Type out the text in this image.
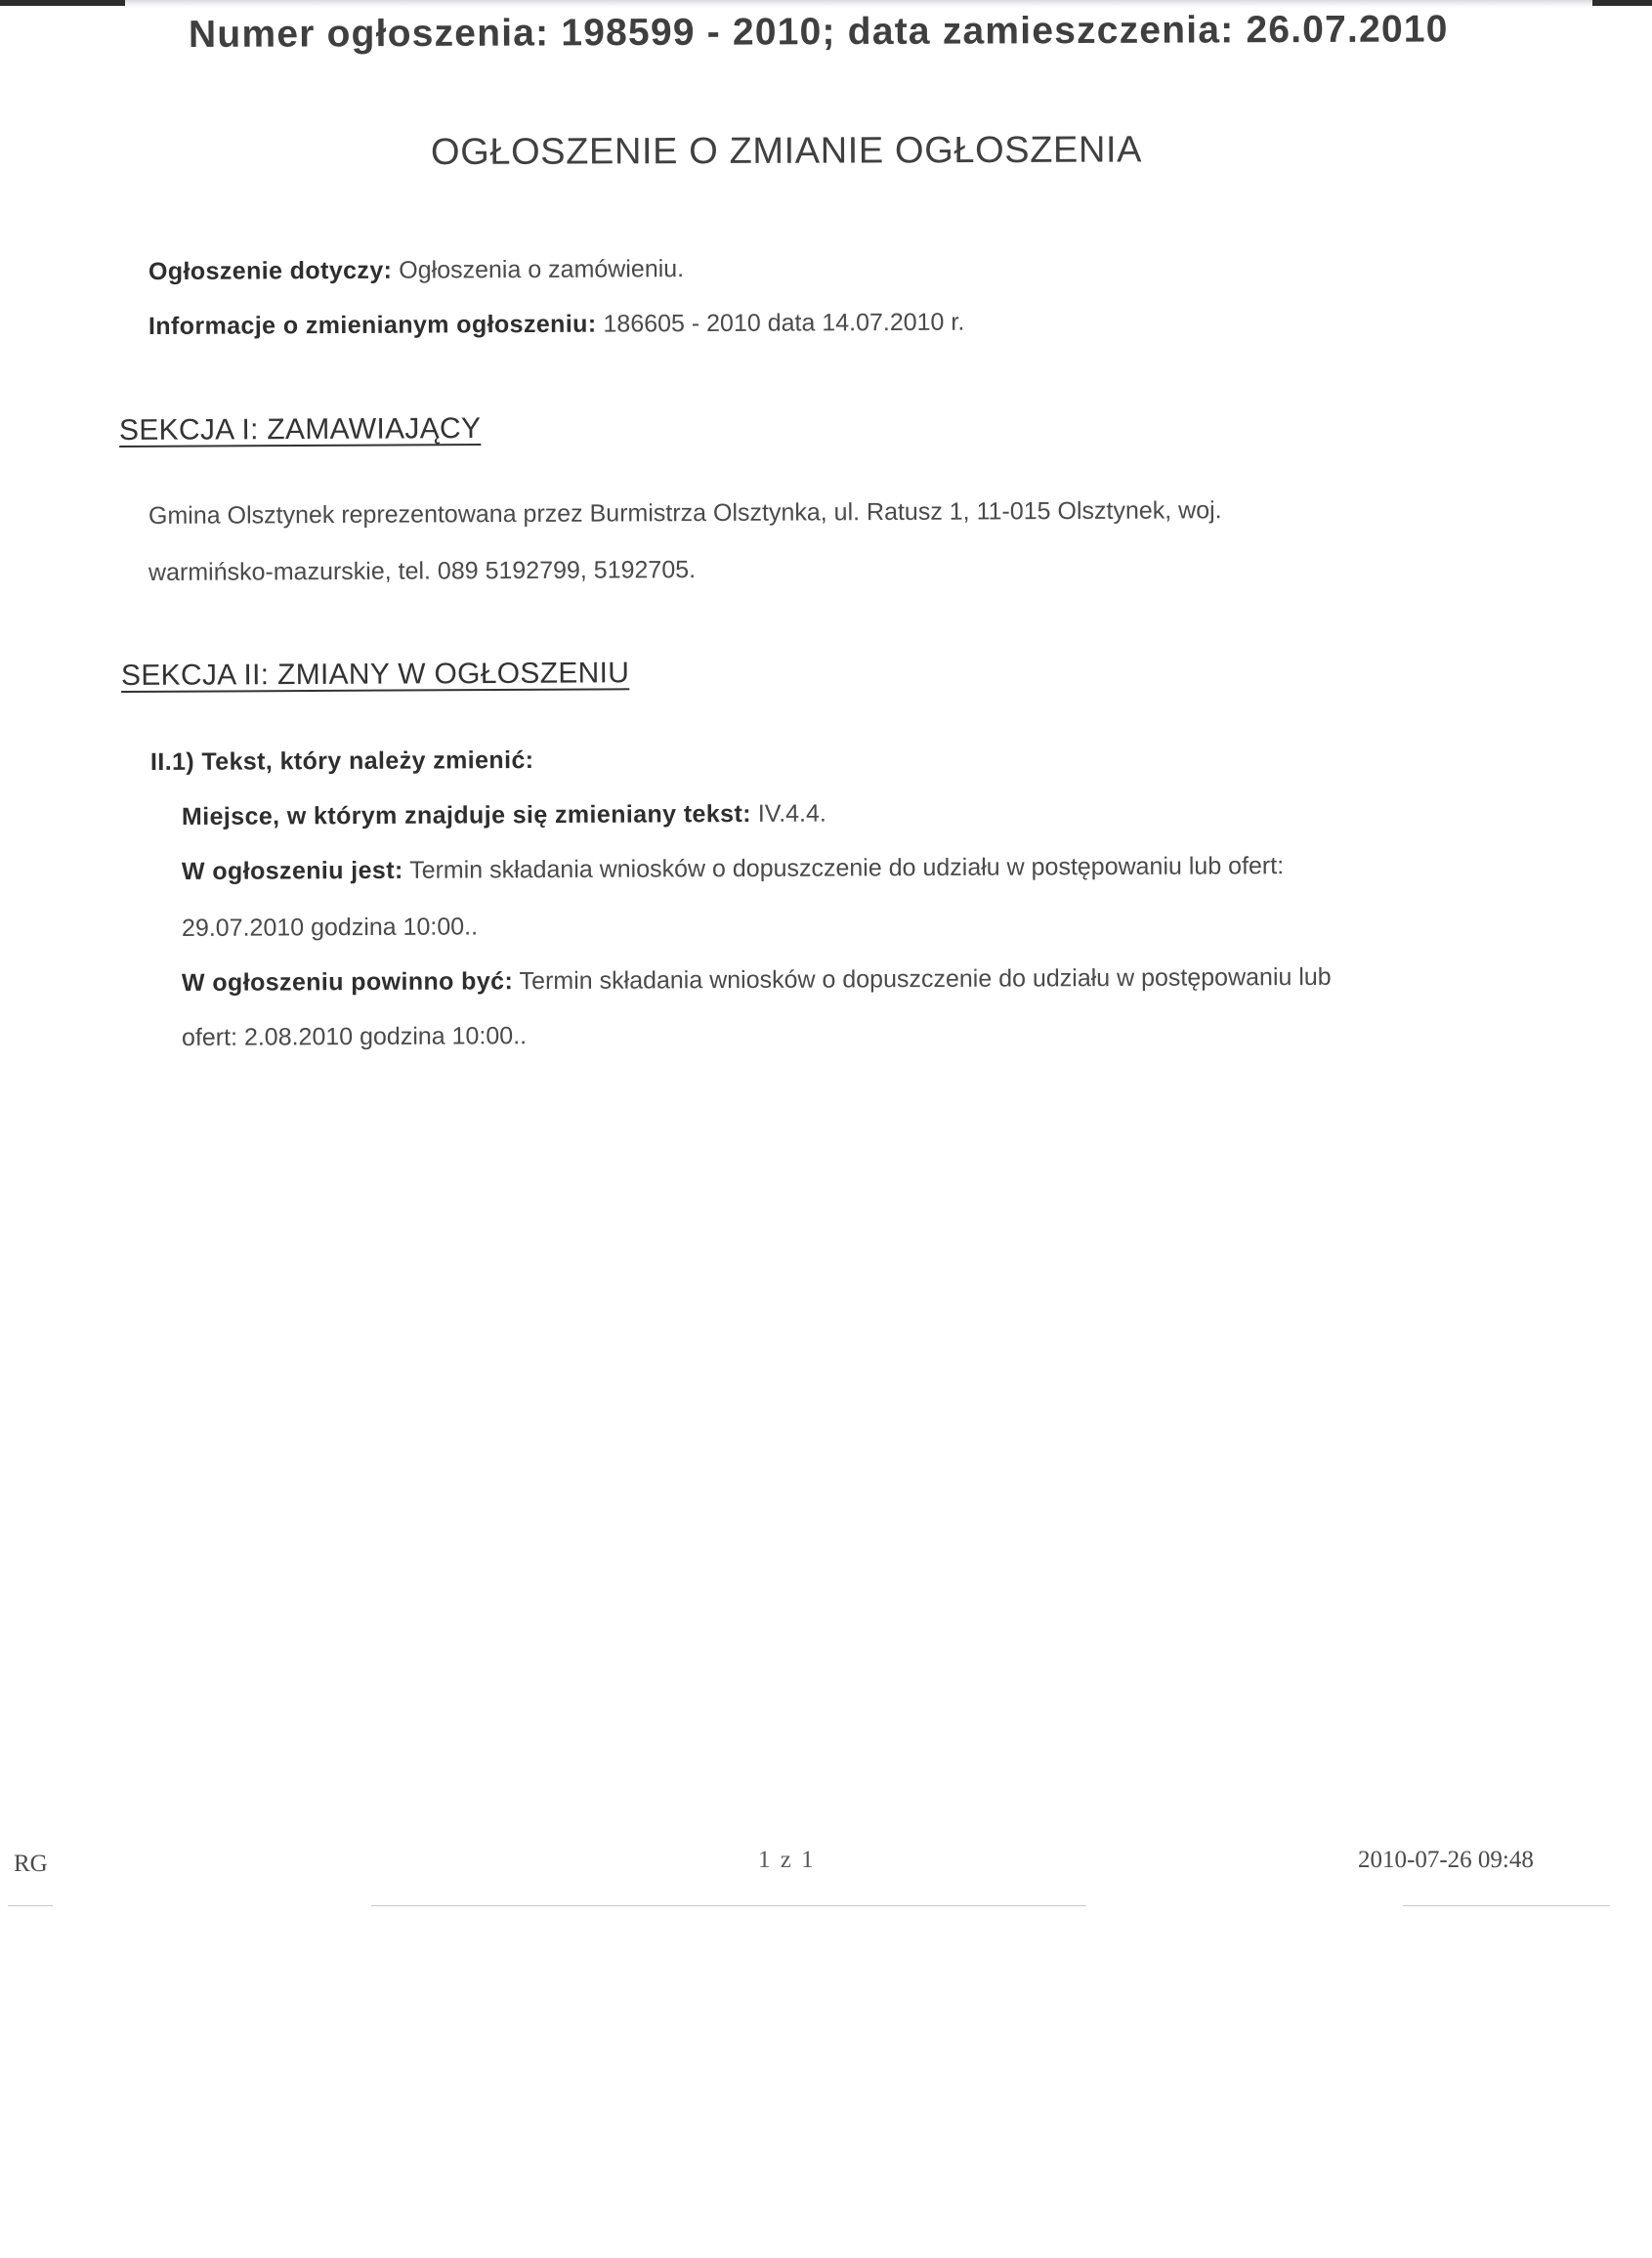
Numer ogłoszenia: 198599 - 2010; data zamieszczenia: 26.07.2010
OGŁOSZENIE O ZMIANIE OGŁOSZENIA
Ogłoszenie dotyczy: Ogłoszenia o zamówieniu.
Informacje o zmienianym ogłoszeniu: 186605 - 2010 data 14.07.2010 r.
SEKCJA I: ZAMAWIAJĄCY
Gmina Olsztynek reprezentowana przez Burmistrza Olsztynka, ul. Ratusz 1, 11-015 Olsztynek, woj.
warmińsko-mazurskie, tel. 089 5192799, 5192705.
SEKCJA II: ZMIANY W OGŁOSZENIU
II.1) Tekst, który należy zmienić:
Miejsce, w którym znajduje się zmieniany tekst: IV.4.4.
W ogłoszeniu jest: Termin składania wniosków o dopuszczenie do udziału w postępowaniu lub ofert:
29.07.2010 godzina 10:00..
W ogłoszeniu powinno być: Termin składania wniosków o dopuszczenie do udziału w postępowaniu lub
ofert: 2.08.2010 godzina 10:00..
RG	1 z 1	2010-07-26 09:48
